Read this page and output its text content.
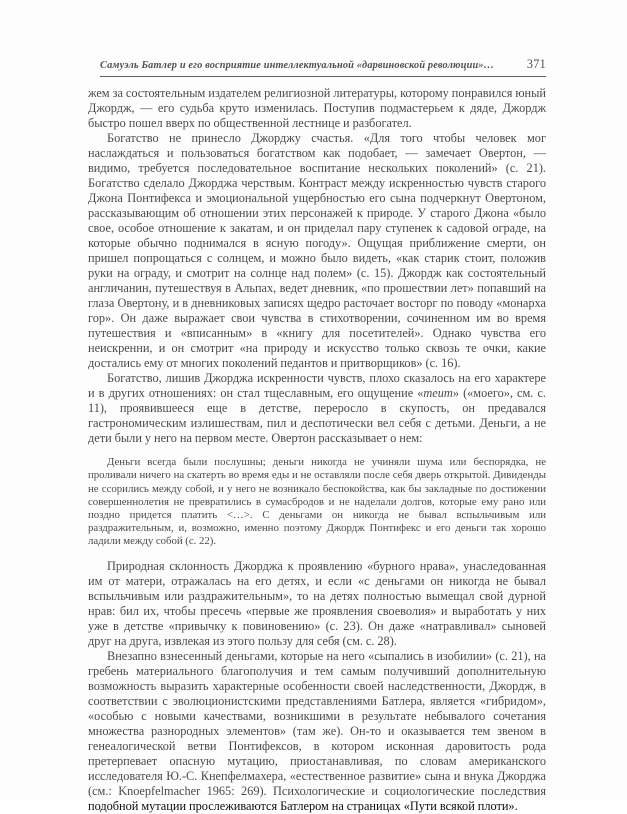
Самуэль Батлер и его восприятие интеллектуальной «дарвиновской революции»…	371

жем за состоятельным издателем религиозной литературы, которому понравился юный Джордж, — его судьба круто изменилась. Поступив подмастерьем к дяде, Джордж быстро пошел вверх по общественной лестнице и разбогател.

Богатство не принесло Джорджу счастья. «Для того чтобы человек мог наслаждаться и пользоваться богатством как подобает, — замечает Овертон, — видимо, требуется последовательное воспитание нескольких поколений» (с. 21). Богатство сделало Джорджа черствым. Контраст между искренностью чувств старого Джона Понтифекса и эмоциональной ущербностью его сына подчеркнут Овертоном, рассказывающим об отношении этих персонажей к природе. У старого Джона «было свое, особое отношение к закатам, и он приделал пару ступенек к садовой ограде, на которые обычно поднимался в ясную погоду». Ощущая приближение смерти, он пришел попрощаться с солнцем, и можно было видеть, «как старик стоит, положив руки на ограду, и смотрит на солнце над полем» (с. 15). Джордж как состоятельный англичанин, путешествуя в Альпах, ведет дневник, «по прошествии лет» попавший на глаза Овертону, и в дневниковых записях щедро расточает восторг по поводу «монарха гор». Он даже выражает свои чувства в стихотворении, сочиненном им во время путешествия и «вписанным» в «книгу для посетителей». Однако чувства его неискренни, и он смотрит «на природу и искусство только сквозь те очки, какие достались ему от многих поколений педантов и притворщиков» (с. 16).

Богатство, лишив Джорджа искренности чувств, плохо сказалось на его характере и в других отношениях: он стал тщеславным, его ощущение «meum» («моего», см. с. 11), проявившееся еще в детстве, переросло в скупость, он предавался гастрономическим излишествам, пил и деспотически вел себя с детьми. Деньги, а не дети были у него на первом месте. Овертон рассказывает о нем:

Деньги всегда были послушны; деньги никогда не учиняли шума или беспорядка, не проливали ничего на скатерть во время еды и не оставляли после себя дверь открытой. Дивиденды не ссорились между собой, и у него не возникало беспокойства, как бы закладные по достижении совершеннолетия не превратились в сумасбродов и не наделали долгов, которые ему рано или поздно придется платить <…>. С деньгами он никогда не бывал вспыльчивым или раздражительным, и, возможно, именно поэтому Джордж Понтифекс и его деньги так хорошо ладили между собой (с. 22).

Природная склонность Джорджа к проявлению «бурного нрава», унаследованная им от матери, отражалась на его детях, и если «с деньгами он никогда не бывал вспыльчивым или раздражительным», то на детях полностью вымещал свой дурной нрав: бил их, чтобы пресечь «первые же проявления своеволия» и выработать у них уже в детстве «привычку к повиновению» (с. 23). Он даже «натравливал» сыновей друг на друга, извлекая из этого пользу для себя (см. с. 28).

Внезапно взнесенный деньгами, которые на него «сыпались в изобилии» (с. 21), на гребень материального благополучия и тем самым получивший дополнительную возможность выразить характерные особенности своей наследственности, Джордж, в соответствии с эволюционистскими представлениями Батлера, является «гибридом», «особью с новыми качествами, возникшими в результате небывалого сочетания множества разнородных элементов» (там же). Он-то и оказывается тем звеном в генеалогической ветви Понтифексов, в котором исконная даровитость рода претерпевает опасную мутацию, приостанавливая, по словам американского исследователя Ю.-С. Кнепфелмахера, «естественное развитие» сына и внука Джорджа (см.: Knoepfelmacher 1965: 269). Психологические и социологические последствия подобной мутации прослеживаются Батлером на страницах «Пути всякой плоти».
